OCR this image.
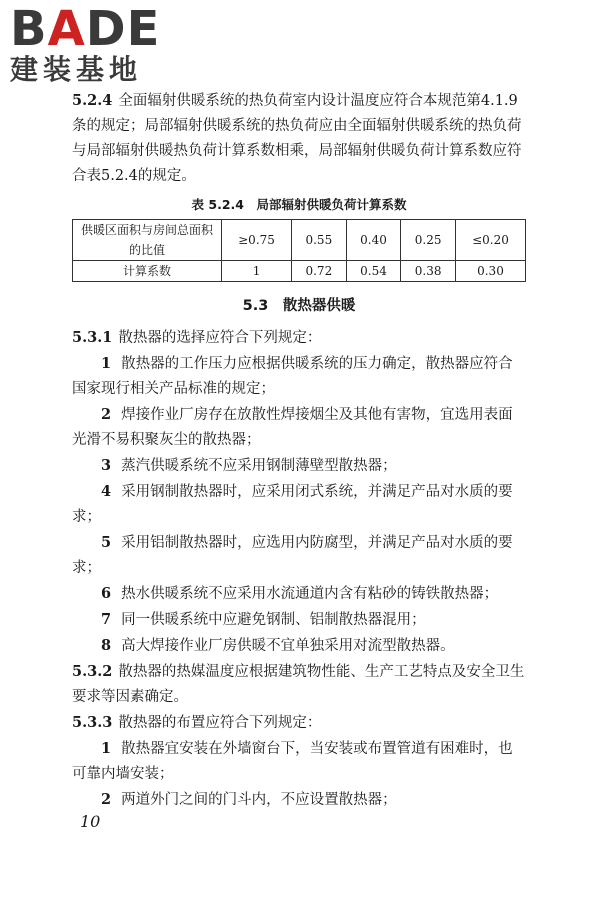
BADE
建装基地

5.2.4 全面辐射供暖系统的热负荷室内设计温度应符合本规范第4.1.9条的规定；局部辐射供暖系统的热负荷应由全面辐射供暖系统的热负荷与局部辐射供暖热负荷计算系数相乘，局部辐射供暖负荷计算系数应符合表5.2.4的规定。

表 5.2.4　局部辐射供暖负荷计算系数
供暖区面积与房间总面积的比值	≥0.75	0.55	0.40	0.25	≤0.20
计算系数	1	0.72	0.54	0.38	0.30
5.3　散热器供暖

5.3.1 散热器的选择应符合下列规定：

1 散热器的工作压力应根据供暖系统的压力确定，散热器应符合国家现行相关产品标准的规定；

2 焊接作业厂房存在放散性焊接烟尘及其他有害物，宜选用表面光滑不易积聚灰尘的散热器；

3 蒸汽供暖系统不应采用钢制薄壁型散热器；

4 采用钢制散热器时，应采用闭式系统，并满足产品对水质的要求；

5 采用铝制散热器时，应选用内防腐型，并满足产品对水质的要求；

6 热水供暖系统不应采用水流通道内含有粘砂的铸铁散热器；

7 同一供暖系统中应避免钢制、铝制散热器混用；

8 高大焊接作业厂房供暖不宜单独采用对流型散热器。

5.3.2 散热器的热媒温度应根据建筑物性能、生产工艺特点及安全卫生要求等因素确定。

5.3.3 散热器的布置应符合下列规定：

1 散热器宜安装在外墙窗台下，当安装或布置管道有困难时，也可靠内墙安装；

2 两道外门之间的门斗内，不应设置散热器；

10
